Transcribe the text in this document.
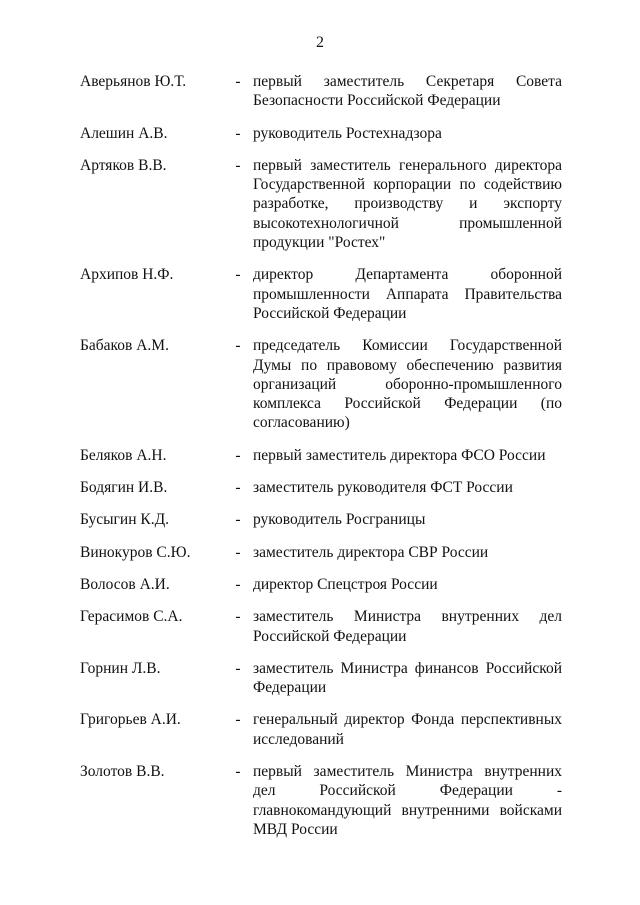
2
Аверьянов Ю.Т.	- первый заместитель Секретаря Совета Безопасности Российской Федерации
Алешин А.В.	- руководитель Ростехнадзора
Артяков В.В.	- первый заместитель генерального директора Государственной корпорации по содействию разработке, производству и экспорту высокотехнологичной промышленной продукции "Ростех"
Архипов Н.Ф.	- директор Департамента оборонной промышленности Аппарата Правительства Российской Федерации
Бабаков А.М.	- председатель Комиссии Государственной Думы по правовому обеспечению развития организаций оборонно-промышленного комплекса Российской Федерации (по согласованию)
Беляков А.Н.	- первый заместитель директора ФСО России
Бодягин И.В.	- заместитель руководителя ФСТ России
Бусыгин К.Д.	- руководитель Росграницы
Винокуров С.Ю.	- заместитель директора СВР России
Волосов А.И.	- директор Спецстроя России
Герасимов С.А.	- заместитель Министра внутренних дел Российской Федерации
Горнин Л.В.	- заместитель Министра финансов Российской Федерации
Григорьев А.И.	- генеральный директор Фонда перспективных исследований
Золотов В.В.	- первый заместитель Министра внутренних дел Российской Федерации - главнокомандующий внутренними войсками МВД России
